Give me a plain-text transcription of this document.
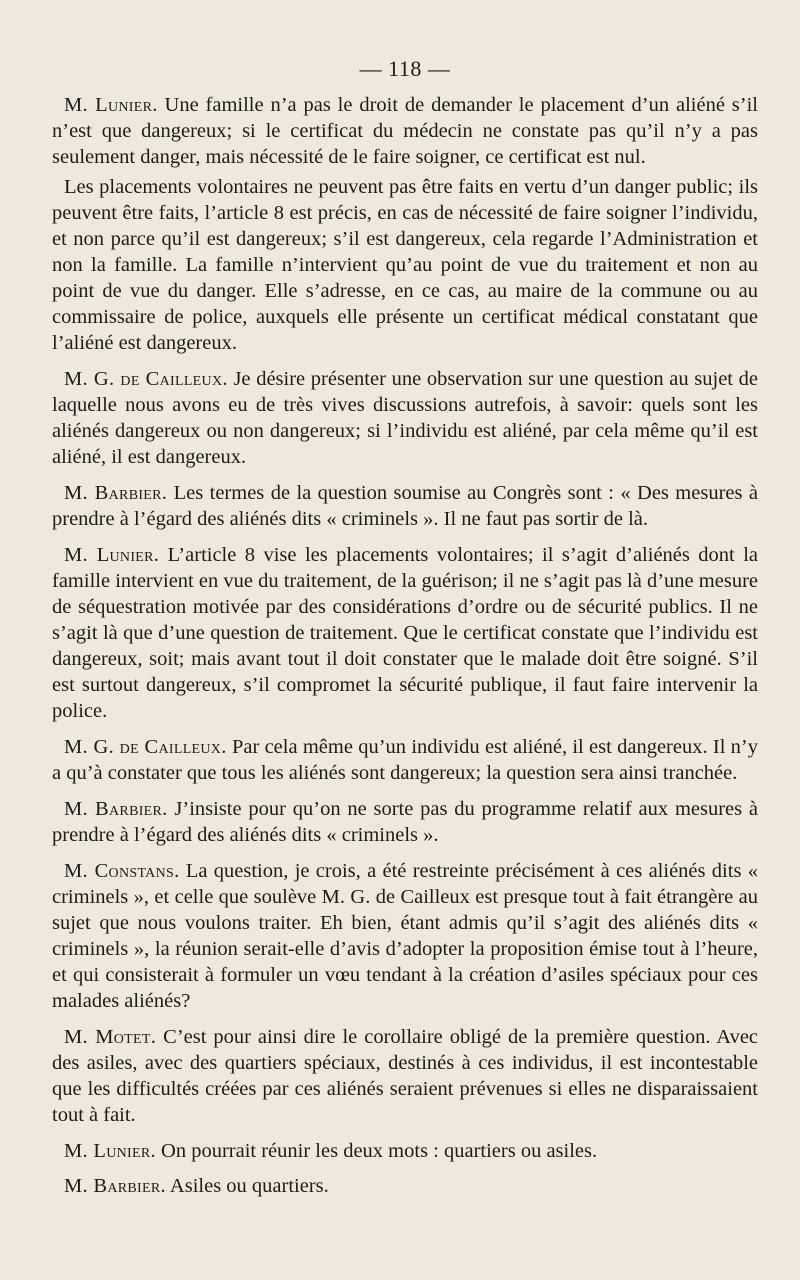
— 118 —

M. Lunier. Une famille n’a pas le droit de demander le placement d’un aliéné s’il n’est que dangereux; si le certificat du médecin ne constate pas qu’il n’y a pas seulement danger, mais nécessité de le faire soigner, ce certificat est nul.

Les placements volontaires ne peuvent pas être faits en vertu d’un danger public; ils peuvent être faits, l’article 8 est précis, en cas de nécessité de faire soigner l’individu, et non parce qu’il est dangereux; s’il est dangereux, cela regarde l’Administration et non la famille. La famille n’intervient qu’au point de vue du traitement et non au point de vue du danger. Elle s’adresse, en ce cas, au maire de la commune ou au commissaire de police, auxquels elle présente un certificat médical constatant que l’aliéné est dangereux.

M. G. de Cailleux. Je désire présenter une observation sur une question au sujet de laquelle nous avons eu de très vives discussions autrefois, à savoir: quels sont les aliénés dangereux ou non dangereux; si l’individu est aliéné, par cela même qu’il est aliéné, il est dangereux.

M. Barbier. Les termes de la question soumise au Congrès sont : « Des mesures à prendre à l’égard des aliénés dits « criminels ». Il ne faut pas sortir de là.

M. Lunier. L’article 8 vise les placements volontaires; il s’agit d’aliénés dont la famille intervient en vue du traitement, de la guérison; il ne s’agit pas là d’une mesure de séquestration motivée par des considérations d’ordre ou de sécurité publics. Il ne s’agit là que d’une question de traitement. Que le certificat constate que l’individu est dangereux, soit; mais avant tout il doit constater que le malade doit être soigné. S’il est surtout dangereux, s’il compromet la sécurité publique, il faut faire intervenir la police.

M. G. de Cailleux. Par cela même qu’un individu est aliéné, il est dangereux. Il n’y a qu’à constater que tous les aliénés sont dangereux; la question sera ainsi tranchée.

M. Barbier. J’insiste pour qu’on ne sorte pas du programme relatif aux mesures à prendre à l’égard des aliénés dits « criminels ».

M. Constans. La question, je crois, a été restreinte précisément à ces aliénés dits « criminels », et celle que soulève M. G. de Cailleux est presque tout à fait étrangère au sujet que nous voulons traiter. Eh bien, étant admis qu’il s’agit des aliénés dits « criminels », la réunion serait-elle d’avis d’adopter la proposition émise tout à l’heure, et qui consisterait à formuler un vœu tendant à la création d’asiles spéciaux pour ces malades aliénés?

M. Motet. C’est pour ainsi dire le corollaire obligé de la première question. Avec des asiles, avec des quartiers spéciaux, destinés à ces individus, il est incontestable que les difficultés créées par ces aliénés seraient prévenues si elles ne disparaissaient tout à fait.

M. Lunier. On pourrait réunir les deux mots : quartiers ou asiles.

M. Barbier. Asiles ou quartiers.
